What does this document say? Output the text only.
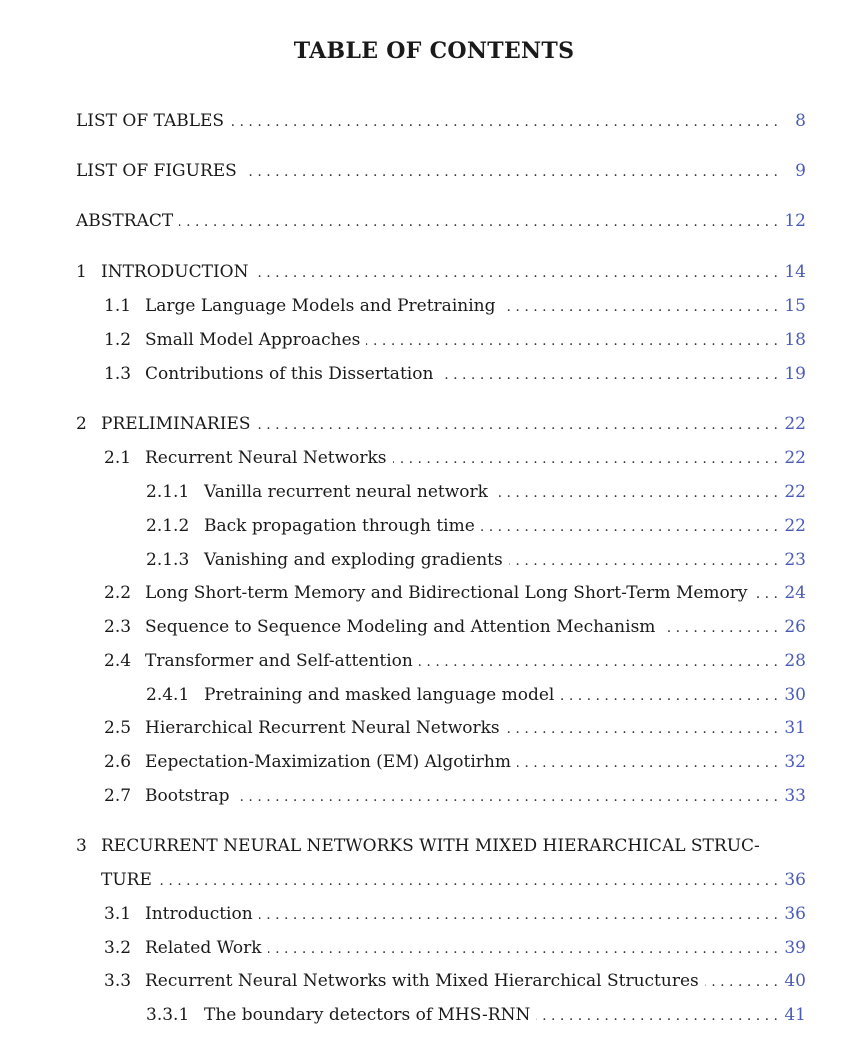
TABLE OF CONTENTS
LIST OF TABLES . . .	8
LIST OF FIGURES . . .	9
ABSTRACT . . .	12
1 INTRODUCTION . . .	14
1.1 Large Language Models and Pretraining . . .	15
1.2 Small Model Approaches . . .	18
1.3 Contributions of this Dissertation . . .	19
2 PRELIMINARIES . . .	22
2.1 Recurrent Neural Networks . . .	22
2.1.1 Vanilla recurrent neural network . . .	22
2.1.2 Back propagation through time . . .	22
2.1.3 Vanishing and exploding gradients . . .	23
2.2 Long Short-term Memory and Bidirectional Long Short-Term Memory . . . 24
2.3 Sequence to Sequence Modeling and Attention Mechanism . . .	26
2.4 Transformer and Self-attention . . .	28
2.4.1 Pretraining and masked language model . . .	30
2.5 Hierarchical Recurrent Neural Networks . . .	31
2.6 Eepectation-Maximization (EM) Algotirhm . . .	32
2.7 Bootstrap . . .	33
3 RECURRENT NEURAL NETWORKS WITH MIXED HIERARCHICAL STRUC-
TURE . . .	36
3.1 Introduction . . .	36
3.2 Related Work . . .	39
3.3 Recurrent Neural Networks with Mixed Hierarchical Structures . . .	40
3.3.1 The boundary detectors of MHS-RNN . . .	41
